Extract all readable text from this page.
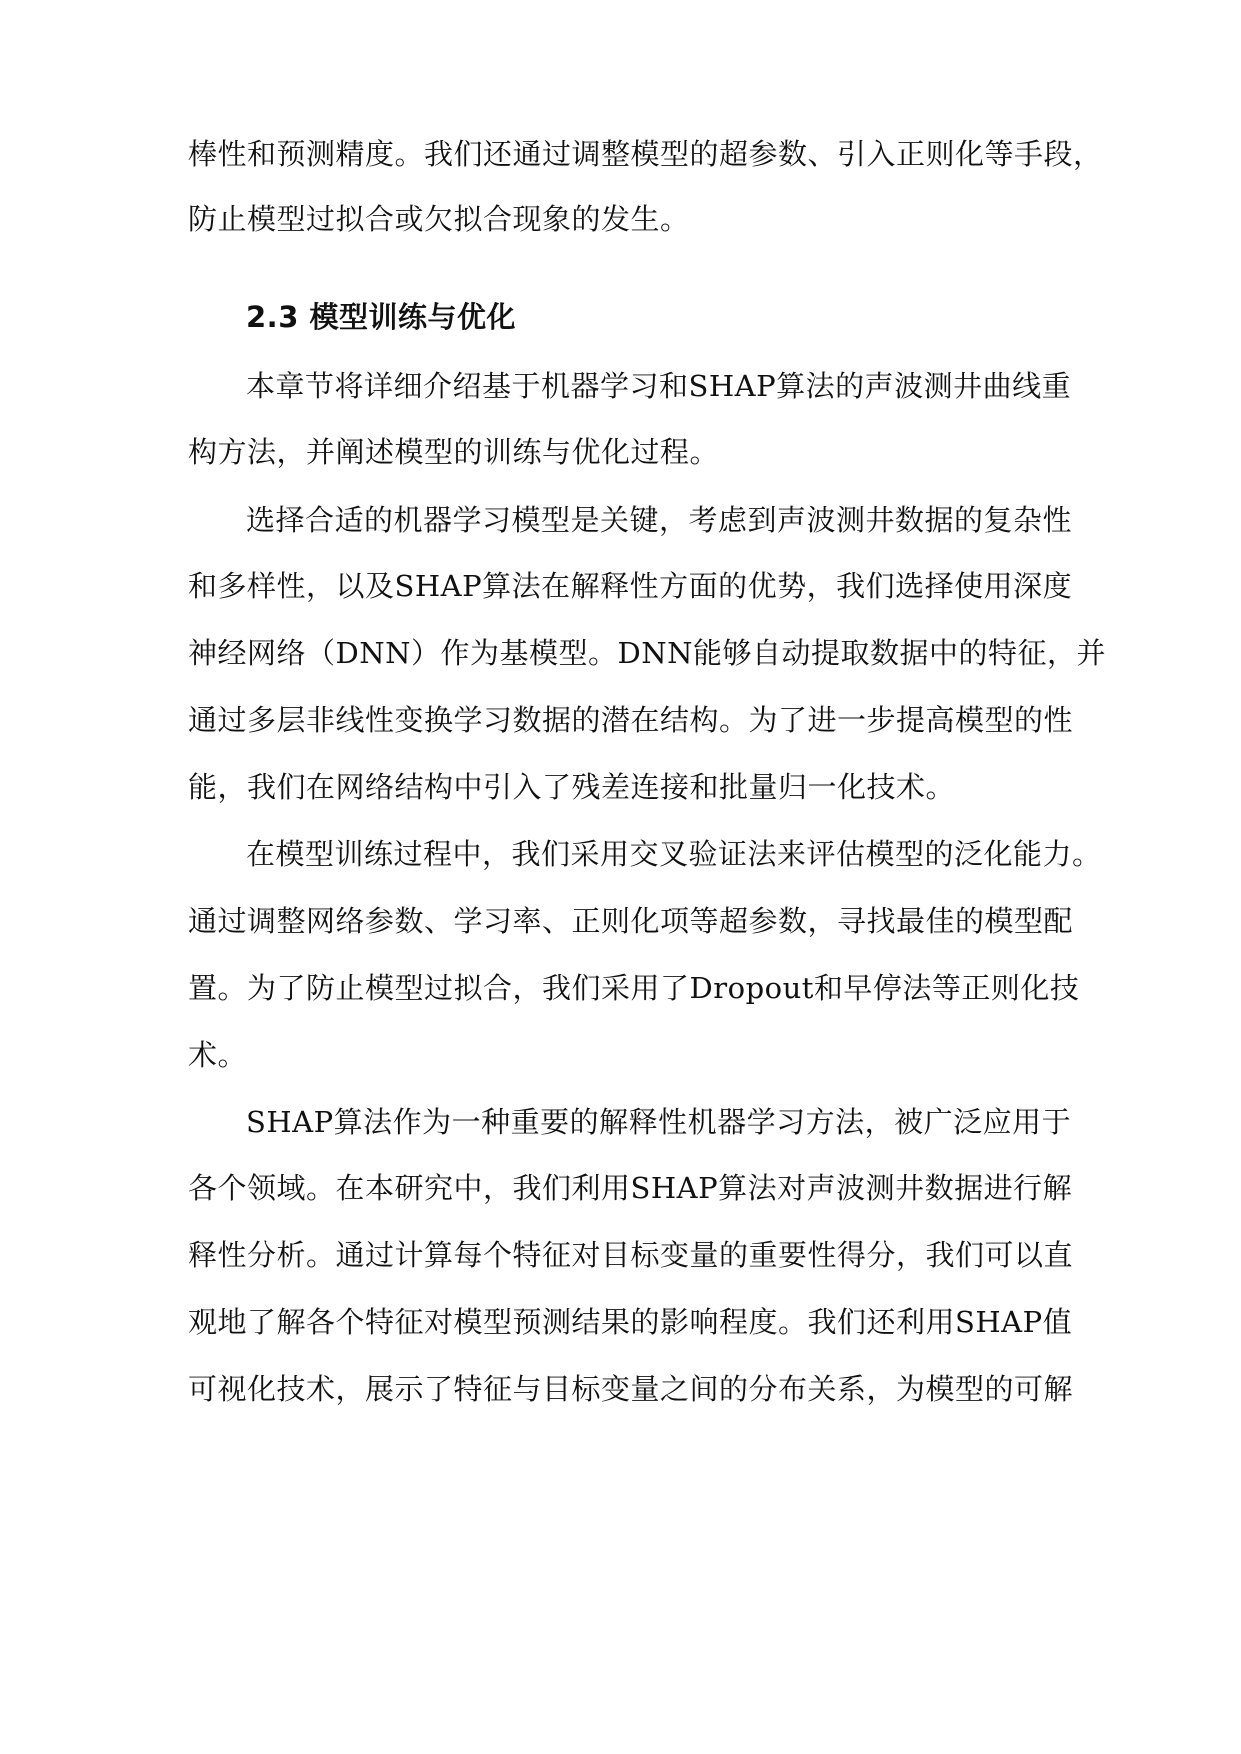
棒性和预测精度。我们还通过调整模型的超参数、引入正则化等手段，
防止模型过拟合或欠拟合现象的发生。
2.3 模型训练与优化
本章节将详细介绍基于机器学习和SHAP算法的声波测井曲线重
构方法，并阐述模型的训练与优化过程。
选择合适的机器学习模型是关键，考虑到声波测井数据的复杂性
和多样性，以及SHAP算法在解释性方面的优势，我们选择使用深度
神经网络（DNN）作为基模型。DNN能够自动提取数据中的特征，并
通过多层非线性变换学习数据的潜在结构。为了进一步提高模型的性
能，我们在网络结构中引入了残差连接和批量归一化技术。
在模型训练过程中，我们采用交叉验证法来评估模型的泛化能力。
通过调整网络参数、学习率、正则化项等超参数，寻找最佳的模型配
置。为了防止模型过拟合，我们采用了Dropout和早停法等正则化技
术。
SHAP算法作为一种重要的解释性机器学习方法，被广泛应用于
各个领域。在本研究中，我们利用SHAP算法对声波测井数据进行解
释性分析。通过计算每个特征对目标变量的重要性得分，我们可以直
观地了解各个特征对模型预测结果的影响程度。我们还利用SHAP值
可视化技术，展示了特征与目标变量之间的分布关系，为模型的可解
